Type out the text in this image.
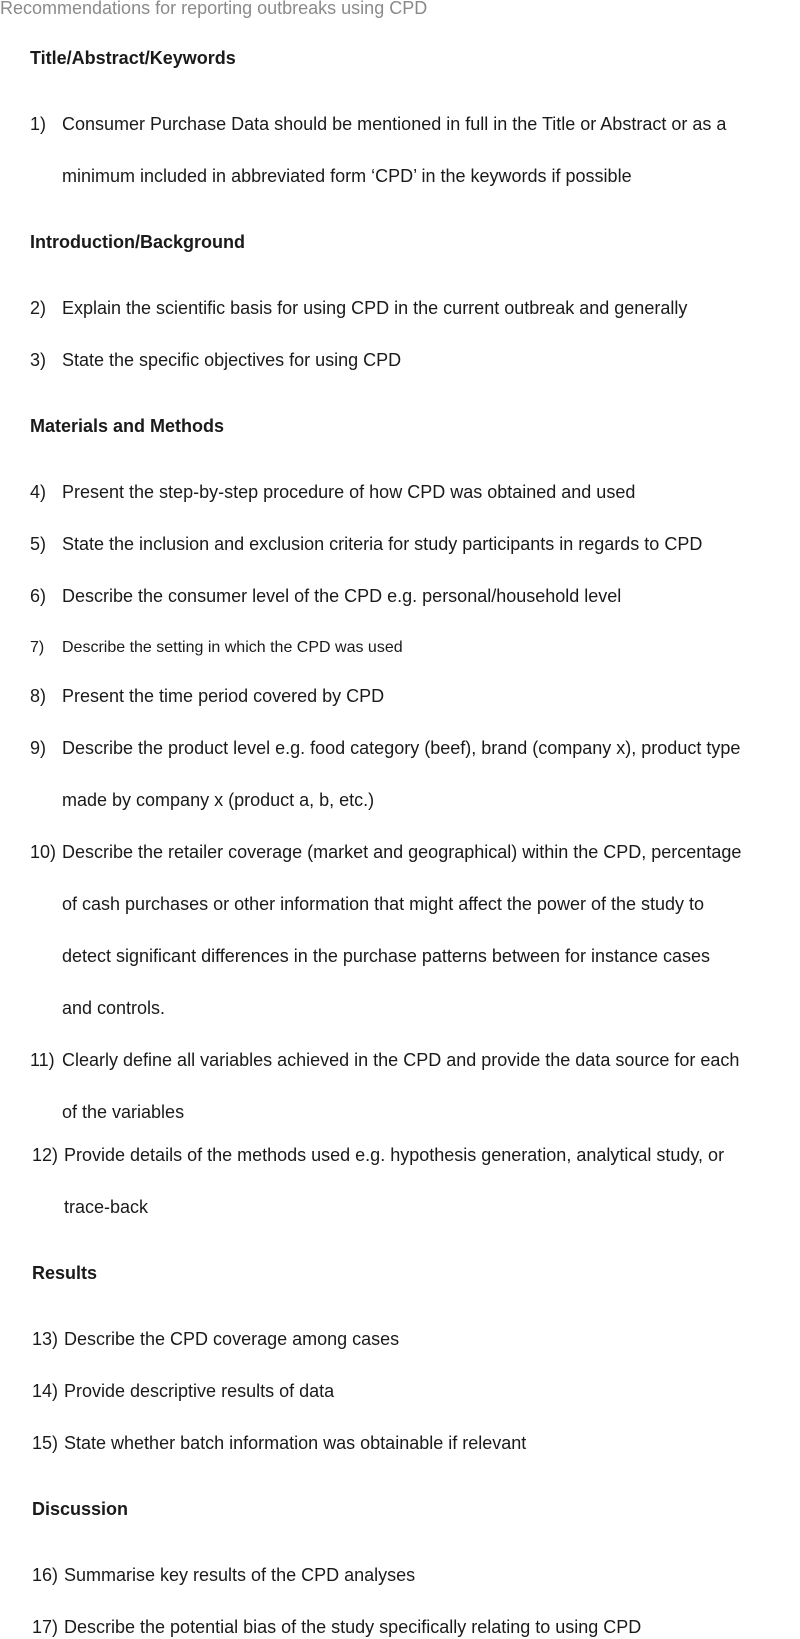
Recommendations for reporting outbreaks using CPD
Title/Abstract/Keywords
1) Consumer Purchase Data should be mentioned in full in the Title or Abstract or as a
minimum included in abbreviated form ‘CPD’ in the keywords if possible
Introduction/Background
2) Explain the scientific basis for using CPD in the current outbreak and generally
3) State the specific objectives for using CPD
Materials and Methods
4) Present the step-by-step procedure of how CPD was obtained and used
5) State the inclusion and exclusion criteria for study participants in regards to CPD
6) Describe the consumer level of the CPD e.g. personal/household level
7) Describe the setting in which the CPD was used
8) Present the time period covered by CPD
9) Describe the product level e.g. food category (beef), brand (company x), product type
made by company x (product a, b, etc.)
10) Describe the retailer coverage (market and geographical) within the CPD, percentage
of cash purchases or other information that might affect the power of the study to
detect significant differences in the purchase patterns between for instance cases
and controls.
11) Clearly define all variables achieved in the CPD and provide the data source for each
of the variables
12) Provide details of the methods used e.g. hypothesis generation, analytical study, or
trace-back
Results
13) Describe the CPD coverage among cases
14) Provide descriptive results of data
15) State whether batch information was obtainable if relevant
Discussion
16) Summarise key results of the CPD analyses
17) Describe the potential bias of the study specifically relating to using CPD
